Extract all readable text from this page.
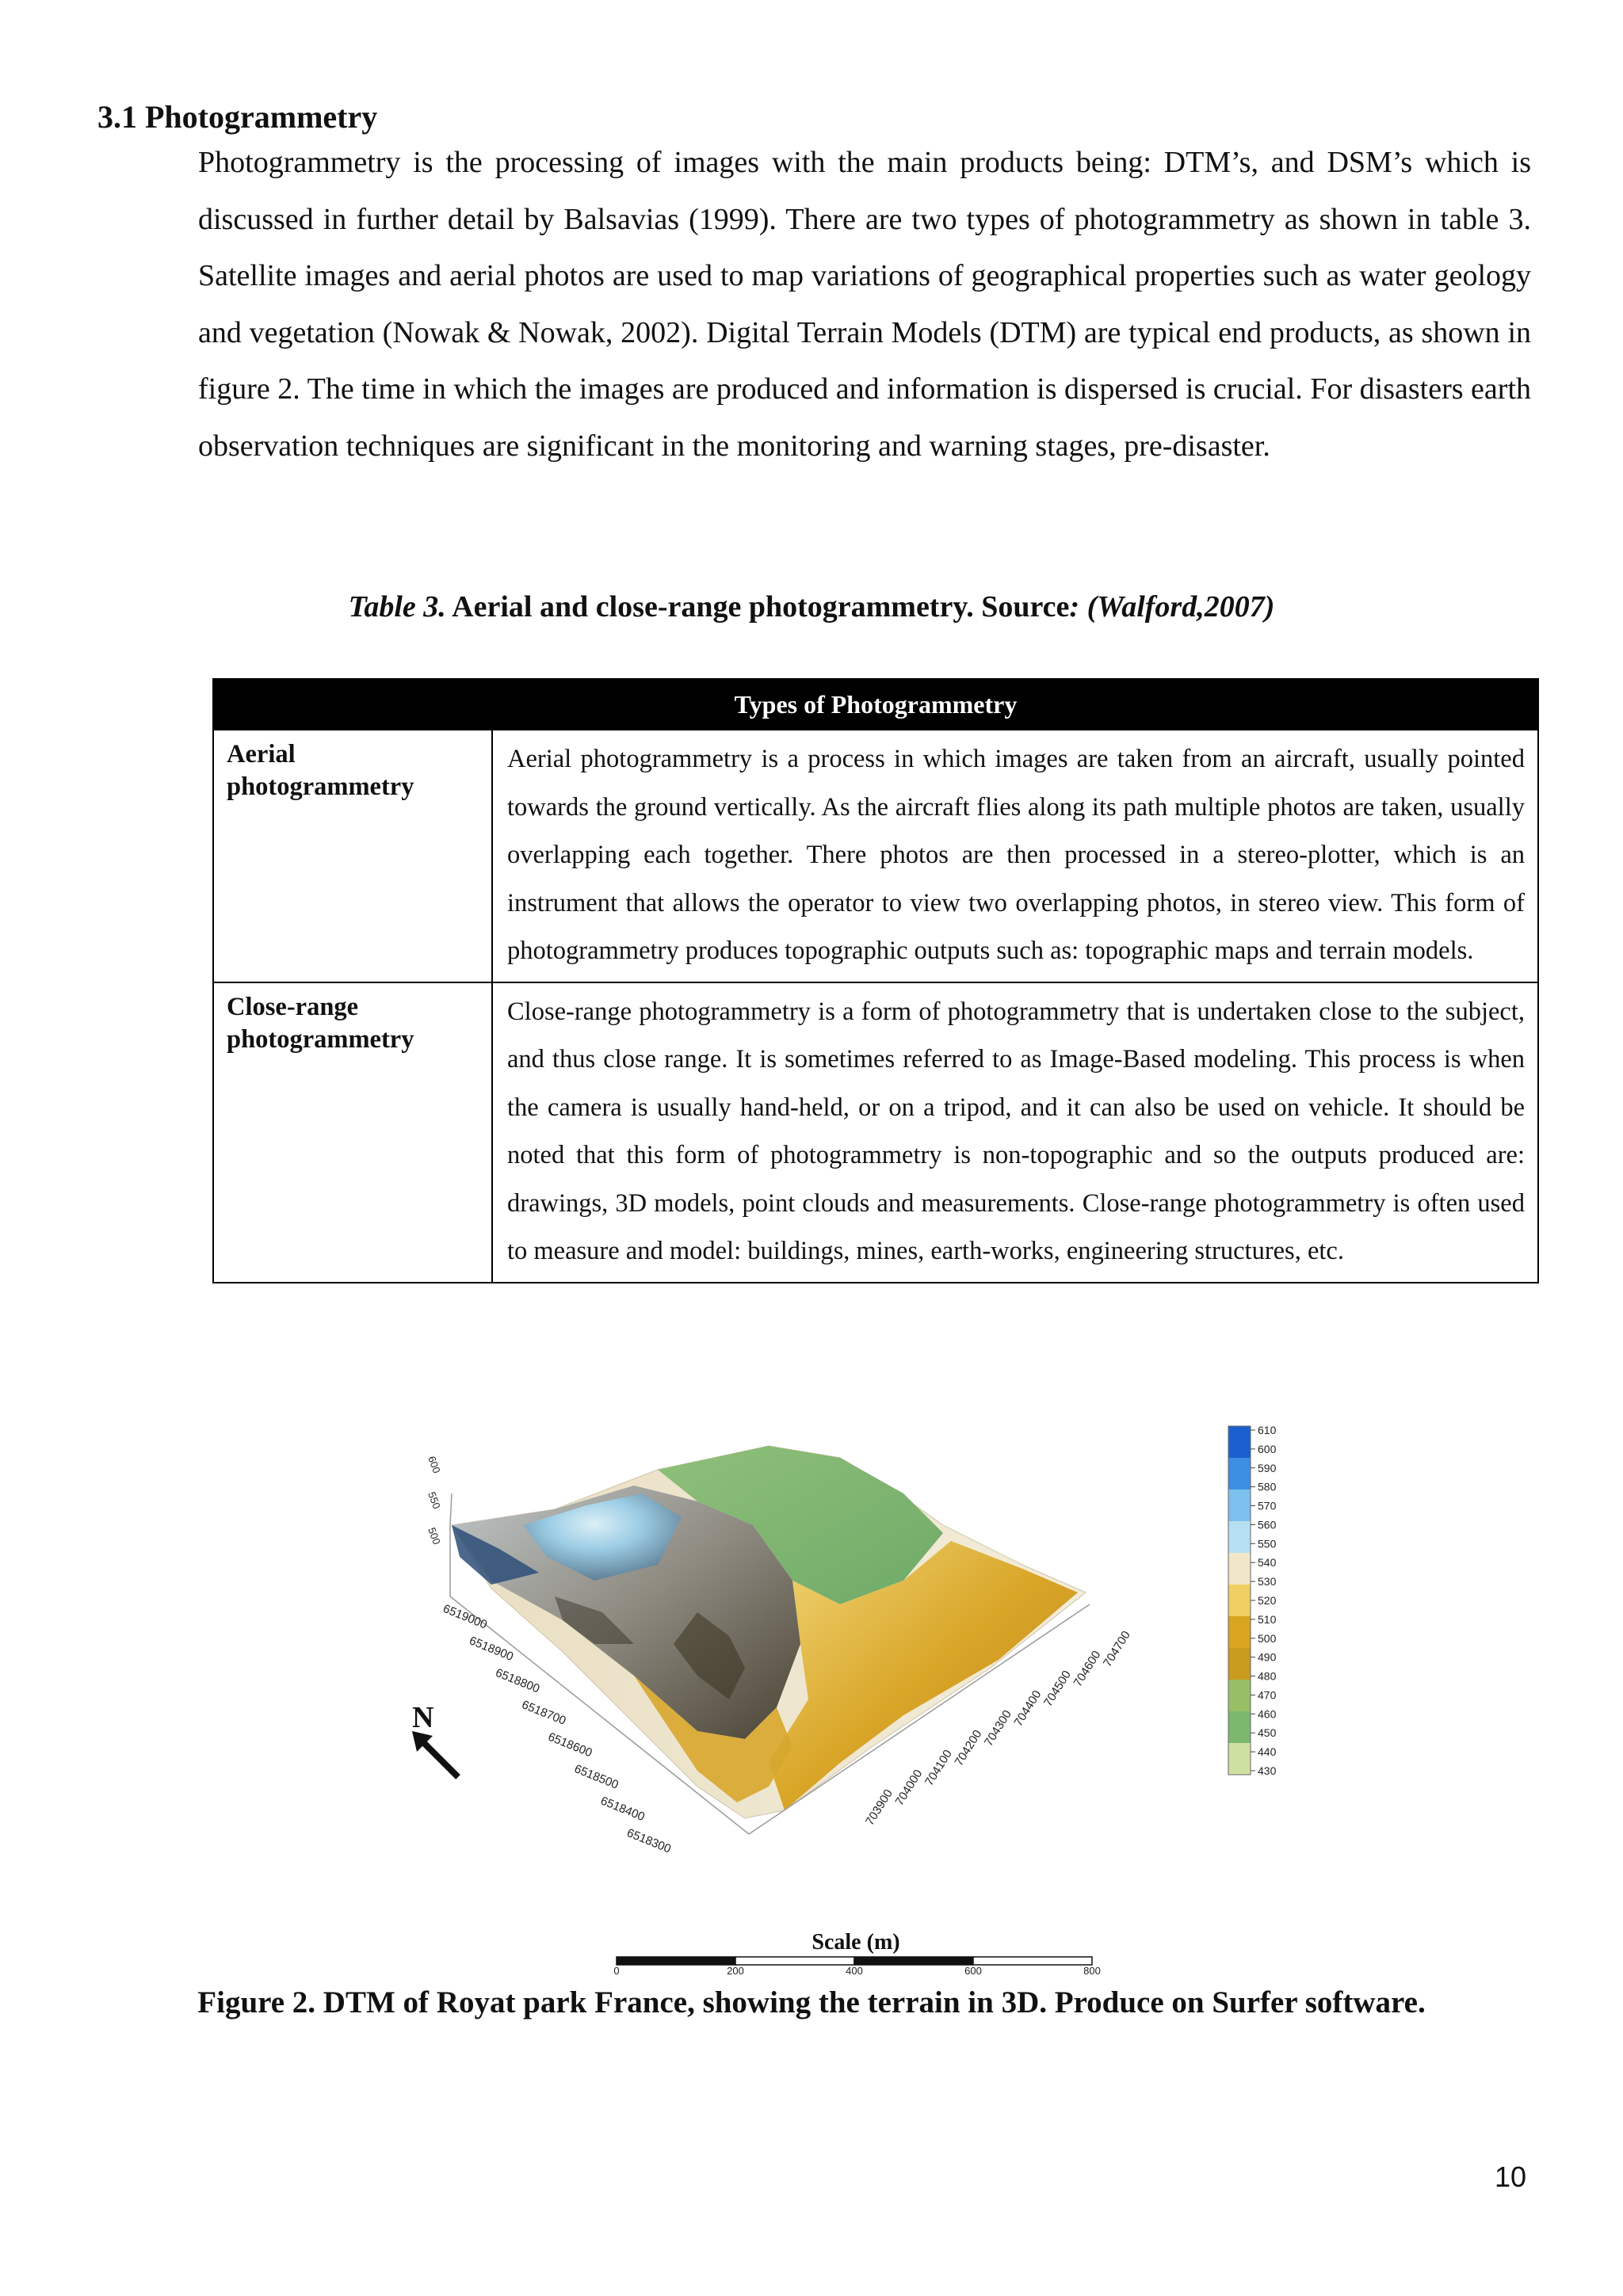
3.1 Photogrammetry

Photogrammetry is the processing of images with the main products being: DTM’s, and DSM’s which is discussed in further detail by Balsavias (1999). There are two types of photogrammetry as shown in table 3. Satellite images and aerial photos are used to map variations of geographical properties such as water geology and vegetation (Nowak & Nowak, 2002). Digital Terrain Models (DTM) are typical end products, as shown in figure 2. The time in which the images are produced and information is dispersed is crucial. For disasters earth observation techniques are significant in the monitoring and warning stages, pre-disaster.

Table 3. Aerial and close-range photogrammetry. Source: (Walford,2007)
Types of Photogrammetry	
Aerial photogrammetry	Aerial photogrammetry is a process in which images are taken from an aircraft, usually pointed towards the ground vertically. As the aircraft flies along its path multiple photos are taken, usually overlapping each together. There photos are then processed in a stereo-plotter, which is an instrument that allows the operator to view two overlapping photos, in stereo view. This form of photogrammetry produces topographic outputs such as: topographic maps and terrain models.
Close-range photogrammetry	Close-range photogrammetry is a form of photogrammetry that is undertaken close to the subject, and thus close range. It is sometimes referred to as Image-Based modeling. This process is when the camera is usually hand-held, or on a tripod, and it can also be used on vehicle. It should be noted that this form of photogrammetry is non-topographic and so the outputs produced are: drawings, 3D models, point clouds and measurements. Close-range photogrammetry is often used to measure and model: buildings, mines, earth-works, engineering structures, etc.
6519000
6518900
6518800
6518700
6518600
6518500
6518400
6518300
703900
704000
704100
704200
704300
704400
704500
704600
704700
600
550
500
N
610
600
590
580
570
560
550
540
530
520
510
500
490
480
470
460
450
440
430
Scale (m)
0	200	400	600	800
Figure 2. DTM of Royat park France, showing the terrain in 3D. Produce on Surfer software.
10
